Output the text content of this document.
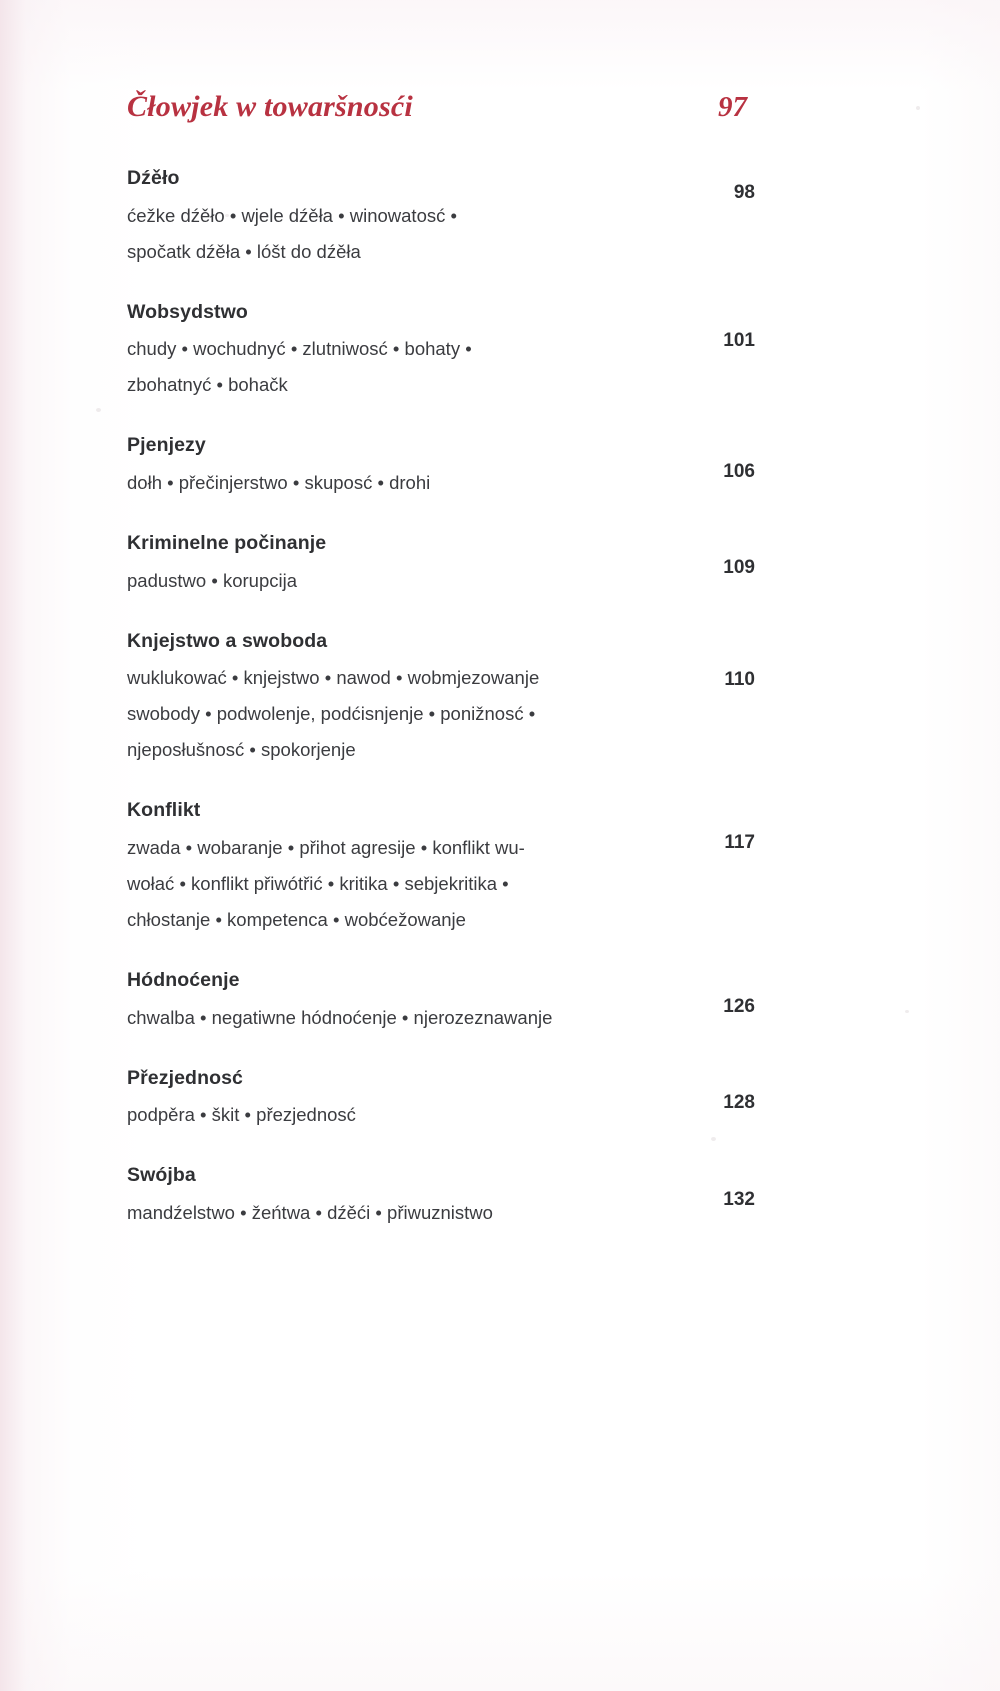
Čłowjek w towaršnosći	97
Dźěło
ćežke dźěło • wjele dźěła • winowatosć •
spočatk dźěła • lóšt do dźěła
98
Wobsydstwo
chudy • wochudnyć • zlutniwosć • bohaty •
zbohatnyć • bohačk
101
Pjenjezy
dołh • přečinjerstwo • skuposć • drohi
106
Kriminelne počinanje
padustwo • korupcija
109
Knjejstwo a swoboda
wuklukować • knjejstwo • nawod • wobmjezowanje
swobody • podwolenje, podćisnjenje • ponižnosć •
njeposłušnosć • spokorjenje
110
Konflikt
zwada • wobaranje • přihot agresije • konflikt wu-
wołać • konflikt přiwótřić • kritika • sebjekritika •
chłostanje • kompetenca • wobćežowanje
117
Hódnoćenje
chwalba • negatiwne hódnoćenje • njerozeznawanje
126
Přezjednosć
podpěra • škit • přezjednosć
128
Swójba
mandźelstwo • žeńtwa • dźěći • přiwuznistwo
132
